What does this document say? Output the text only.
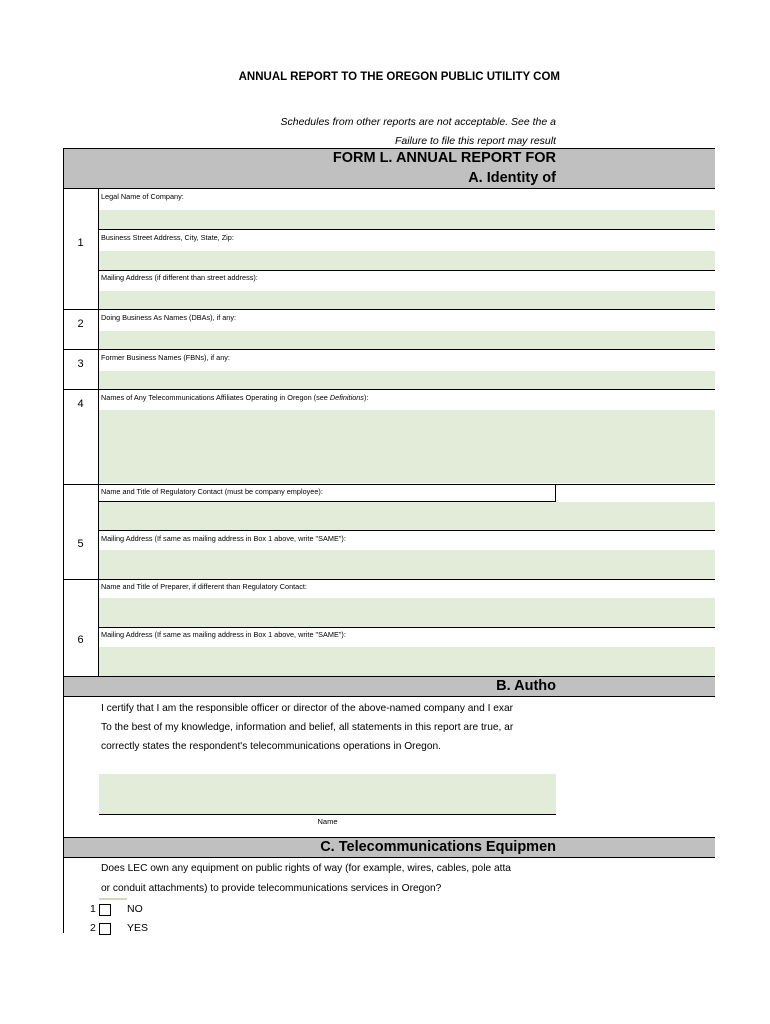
ANNUAL REPORT TO THE OREGON PUBLIC UTILITY COM
Schedules from other reports are not acceptable. See the a
Failure to file this report may result
FORM L. ANNUAL REPORT FOR
A. Identity of
1
Legal Name of Company:
Business Street Address, City, State, Zip:
Mailing Address (if different than street address):
2
Doing Business As Names (DBAs), if any:
3
Former Business Names (FBNs), if any:
4
Names of Any Telecommunications Affiliates Operating in Oregon (see Definitions):
5
Name and Title of Regulatory Contact (must be company employee):
Mailing Address (If same as mailing address in Box 1 above, write "SAME"):
6
Name and Title of Preparer, if different than Regulatory Contact:
Mailing Address (If same as mailing address in Box 1 above, write "SAME"):
B. Autho
I certify that I am the responsible officer or director of the above-named company and I exar
To the best of my knowledge, information and belief, all statements in this report are true, ar
correctly states the respondent's telecommunications operations in Oregon.
Name
C. Telecommunications Equipmen
Does LEC own any equipment on public rights of way (for example, wires, cables, pole atta
or conduit attachments) to provide telecommunications services in Oregon?
1	NO
2	YES
